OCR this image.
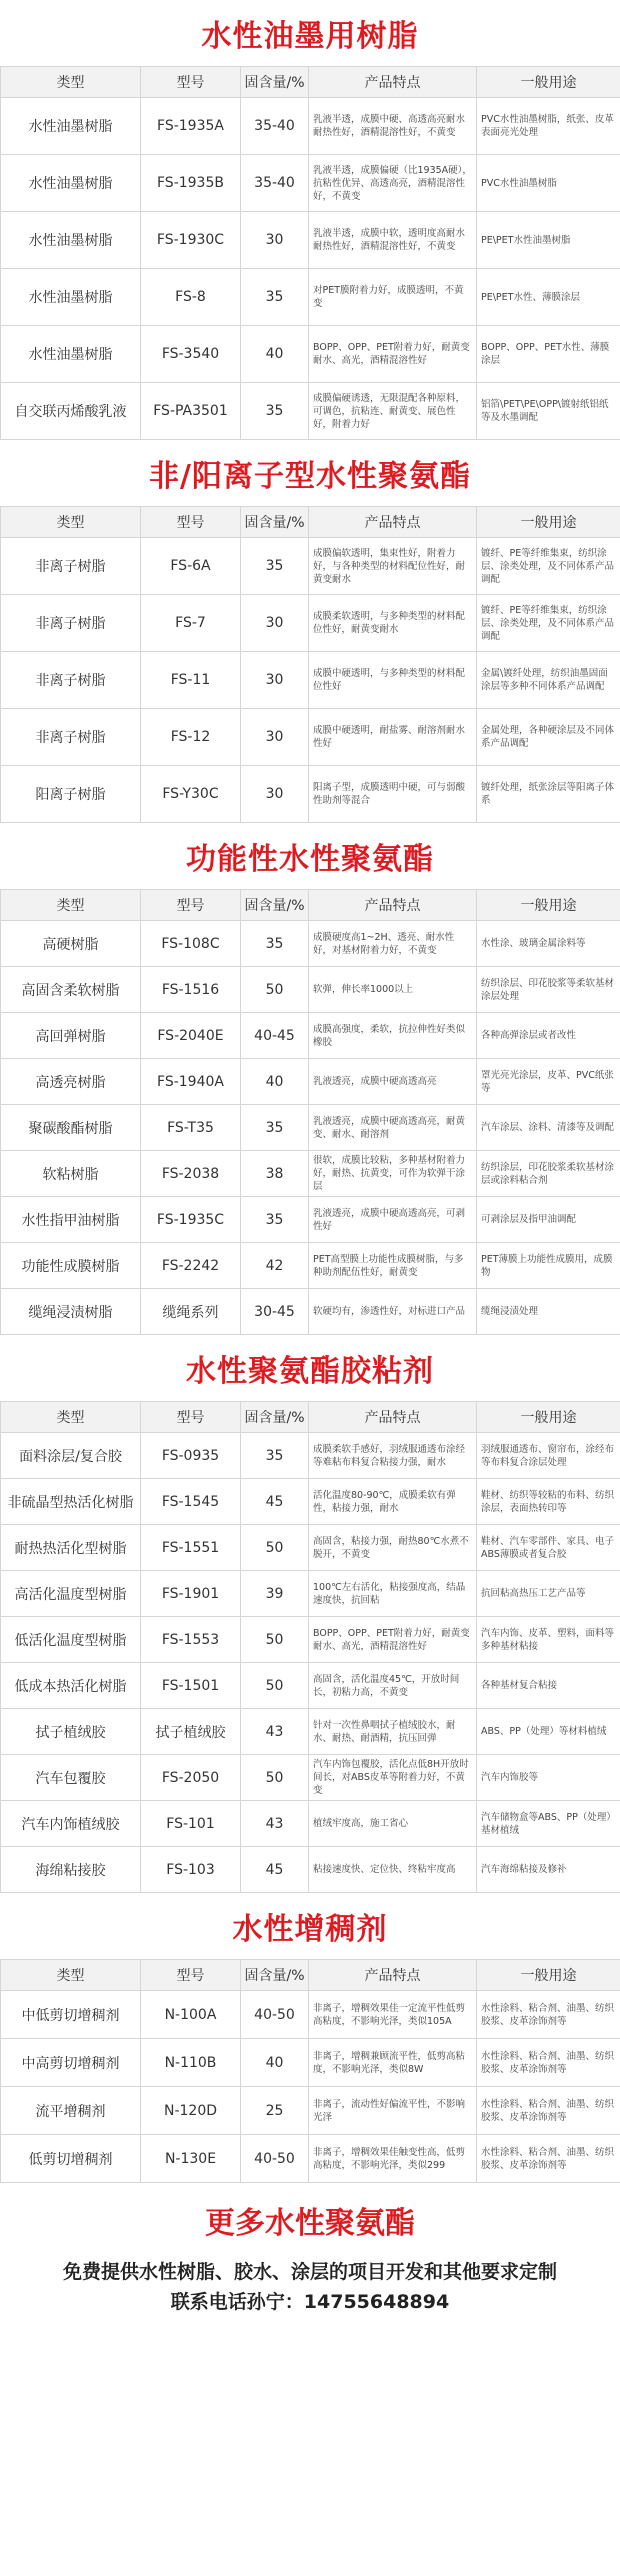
水性油墨用树脂
类型	型号	固含量/%	产品特点	一般用途
水性油墨树脂	FS-1935A	35-40	乳液半透，成膜中硬、高透高亮耐水耐热性好，酒精混溶性好，不黄变	PVC水性油墨树脂，纸张、皮革表面亮光处理
水性油墨树脂	FS-1935B	35-40	乳液半透，成膜偏硬（比1935A硬），抗粘性优异、高透高亮，酒精混溶性好，不黄变	PVC水性油墨树脂
水性油墨树脂	FS-1930C	30	乳液半透，成膜中软，透明度高耐水耐热性好，酒精混溶性好，不黄变	PE\PET水性油墨树脂
水性油墨树脂	FS-8	35	对PET膜附着力好，成膜透明，不黄变	PE\PET水性、薄膜涂层
水性油墨树脂	FS-3540	40	BOPP、OPP、PET附着力好，耐黄变耐水、高光，酒精混溶性好	BOPP、OPP、PET水性、薄膜涂层
自交联丙烯酸乳液	FS-PA3501	35	成膜偏硬诱透，无限混配各种原料，可调色，抗粘连、耐黄变、展色性好，附着力好	铝箔\PET\PE\OPP\镀射纸铝纸等及水墨调配
非/阳离子型水性聚氨酯
类型	型号	固含量/%	产品特点	一般用途
非离子树脂	FS-6A	35	成膜偏软透明，集束性好，附着力好，与各种类型的材料配位性好，耐黄变耐水	镀纤、PE等纤维集束，纺织涂层、涂类处理，及不同体系产品调配
非离子树脂	FS-7	30	成膜柔软透明，与多种类型的材料配位性好，耐黄变耐水	镀纤、PE等纤维集束，纺织涂层、涂类处理，及不同体系产品调配
非离子树脂	FS-11	30	成膜中硬透明，与多种类型的材料配位性好	金属\镀纤处理，纺织油墨固面涂层等多种不同体系产品调配
非离子树脂	FS-12	30	成膜中硬透明，耐盐雾、耐溶剂耐水性好	金属处理，各种硬涂层及不同体系产品调配
阳离子树脂	FS-Y30C	30	阳离子型，成膜透明中硬，可与弱酸性助剂等混合	镀纤处理，纸张涂层等阳离子体系
功能性水性聚氨酯
类型	型号	固含量/%	产品特点	一般用途
高硬树脂	FS-108C	35	成膜硬度高1~2H、透亮、耐水性好，对基材附着力好，不黄变	水性涂、玻璃金属涂料等
高固含柔软树脂	FS-1516	50	软弹，伸长率1000以上	纺织涂层、印花胶浆等柔软基材涂层处理
高回弹树脂	FS-2040E	40-45	成膜高强度，柔软，抗拉伸性好类似橡胶	各种高弹涂层或者改性
高透亮树脂	FS-1940A	40	乳液透亮，成膜中硬高透高亮	罩光亮光涂层，皮革、PVC纸张等
聚碳酸酯树脂	FS-T35	35	乳液透亮，成膜中硬高透高亮，耐黄变、耐水、耐溶剂	汽车涂层、涂料、清漆等及调配
软粘树脂	FS-2038	38	很软，成膜比较粘，多种基材附着力好，耐热、抗黄变，可作为软弹干涂层	纺织涂层，印花胶浆柔软基材涂层或涂料粘合剂
水性指甲油树脂	FS-1935C	35	乳液透亮，成膜中硬高透高亮，可剥性好	可剥涂层及指甲油调配
功能性成膜树脂	FS-2242	42	PET高型膜上功能性成膜树脂，与多种助剂配伍性好，耐黄变	PET薄膜上功能性成膜用，成膜物
缆绳浸渍树脂	缆绳系列	30-45	软硬均有，渗透性好，对标进口产品	缆绳浸渍处理
水性聚氨酯胶粘剂
类型	型号	固含量/%	产品特点	一般用途
面料涂层/复合胶	FS-0935	35	成膜柔软手感好，羽绒服通透布涂经等难粘布料复合粘接力强，耐水	羽绒服通透布、窗帘布，涂经布等布料复合涂层处理
非硫晶型热活化树脂	FS-1545	45	活化温度80-90℃，成膜柔软有弹性，粘接力强，耐水	鞋材、纺织等较粘的布料、纺织涂层，表面热转印等
耐热热活化型树脂	FS-1551	50	高固含，粘接力强，耐热80℃水煮不脱开，不黄变	鞋材、汽车零部件、家具、电子ABS薄膜或者复合胶
高活化温度型树脂	FS-1901	39	100℃左右活化，粘接强度高，结晶速度快，抗回粘	抗回粘高热压工艺产品等
低活化温度型树脂	FS-1553	50	BOPP、OPP、PET附着力好，耐黄变耐水、高光，酒精混溶性好	汽车内饰、皮革、塑料，面料等多种基材粘接
低成本热活化树脂	FS-1501	50	高固含，活化温度45℃，开放时间长，初粘力高，不黄变	各种基材复合粘接
拭子植绒胶	拭子植绒胶	43	针对一次性鼻咽拭子植绒胶水，耐水、耐热、耐酒精，抗压回弹	ABS、PP（处理）等材料植绒
汽车包覆胶	FS-2050	50	汽车内饰包覆胶，活化点低8H开放时间长，对ABS皮革等附着力好，不黄变	汽车内饰胶等
汽车内饰植绒胶	FS-101	43	植绒牢度高，施工省心	汽车储物盒等ABS、PP（处理）基材植绒
海绵粘接胶	FS-103	45	粘接速度快、定位快、终粘牢度高	汽车海绵粘接及修补
水性增稠剂
类型	型号	固含量/%	产品特点	一般用途
中低剪切增稠剂	N-100A	40-50	非离子，增稠效果佳一定流平性低剪高粘度，不影响光泽，类似105A	水性涂料、粘合剂、油墨、纺织胶浆、皮革涂饰剂等
中高剪切增稠剂	N-110B	40	非离子，增稠兼顾流平性，低剪高粘度，不影响光泽，类似8W	水性涂料、粘合剂、油墨、纺织胶浆、皮革涂饰剂等
流平增稠剂	N-120D	25	非离子，流动性好偏流平性，不影响光泽	水性涂料、粘合剂、油墨、纺织胶浆、皮革涂饰剂等
低剪切增稠剂	N-130E	40-50	非离子，增稠效果佳触变性高，低剪高粘度，不影响光泽，类似299	水性涂料、粘合剂、油墨、纺织胶浆、皮革涂饰剂等
更多水性聚氨酯
免费提供水性树脂、胶水、涂层的项目开发和其他要求定制
联系电话孙宁：14755648894
